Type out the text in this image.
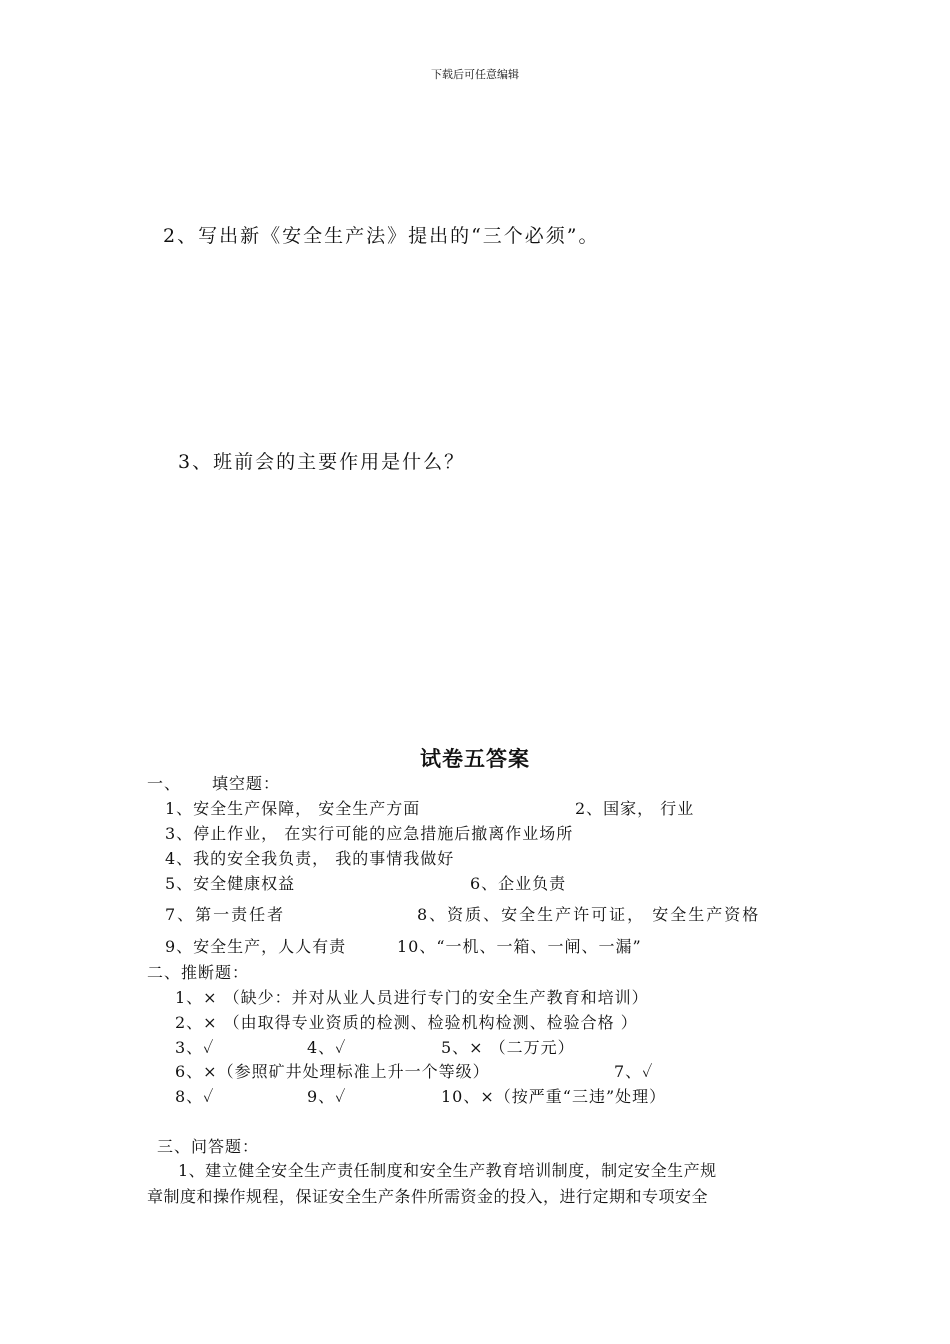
下载后可任意编辑
2、写出新《安全生产法》提出的“三个必须”。
3、班前会的主要作用是什么？
试卷五答案
一、 填空题：
1、安全生产保障， 安全生产方面	2、国家， 行业
3、停止作业， 在实行可能的应急措施后撤离作业场所
4、我的安全我负责， 我的事情我做好
5、安全健康权益	6、企业负责
7、第一责任者	8、资质、安全生产许可证， 安全生产资格
9、安全生产，人人有责	10、“一机、一箱、一闸、一漏”
二、推断题：
1、× （缺少：并对从业人员进行专门的安全生产教育和培训）
2、× （由取得专业资质的检测、检验机构检测、检验合格 ）
3、✓	4、✓	5、× （二万元）
6、×（参照矿井处理标准上升一个等级）	7、✓
8、✓	9、✓	10、×（按严重“三违”处理）
三、问答题：
1、建立健全安全生产责任制度和安全生产教育培训制度，制定安全生产规
章制度和操作规程，保证安全生产条件所需资金的投入，进行定期和专项安全
